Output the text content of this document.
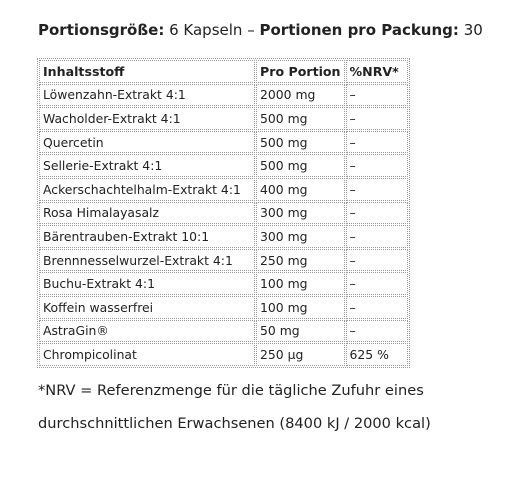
Portionsgröße: 6 Kapseln – Portionen pro Packung: 30
Inhaltsstoff	Pro Portion	%NRV*
Löwenzahn-Extrakt 4:1	2000 mg	–
Wacholder-Extrakt 4:1	500 mg	–
Quercetin	500 mg	–
Sellerie-Extrakt 4:1	500 mg	–
Ackerschachtelhalm-Extrakt 4:1	400 mg	–
Rosa Himalayasalz	300 mg	–
Bärentrauben-Extrakt 10:1	300 mg	–
Brennnesselwurzel-Extrakt 4:1	250 mg	–
Buchu-Extrakt 4:1	100 mg	–
Koffein wasserfrei	100 mg	–
AstraGin®	50 mg	–
Chrompicolinat	250 µg	625 %
*NRV = Referenzmenge für die tägliche Zufuhr eines
durchschnittlichen Erwachsenen (8400 kJ / 2000 kcal)
